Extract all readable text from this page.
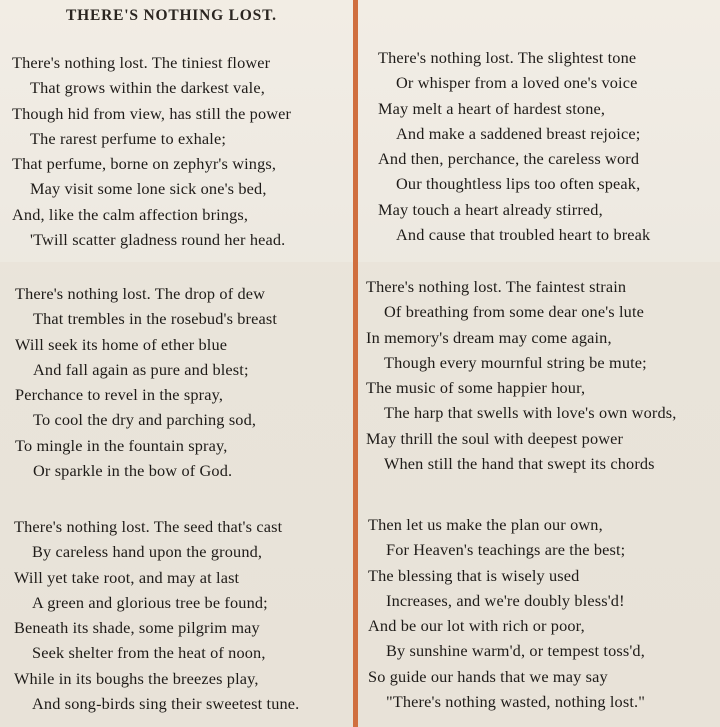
THERE'S NOTHING LOST.
There's nothing lost. The tiniest flower
That grows within the darkest vale,
Though hid from view, has still the power
The rarest perfume to exhale;
That perfume, borne on zephyr's wings,
May visit some lone sick one's bed,
And, like the calm affection brings,
'Twill scatter gladness round her head.
There's nothing lost. The drop of dew
That trembles in the rosebud's breast
Will seek its home of ether blue
And fall again as pure and blest;
Perchance to revel in the spray,
To cool the dry and parching sod,
To mingle in the fountain spray,
Or sparkle in the bow of God.
There's nothing lost. The seed that's cast
By careless hand upon the ground,
Will yet take root, and may at last
A green and glorious tree be found;
Beneath its shade, some pilgrim may
Seek shelter from the heat of noon,
While in its boughs the breezes play,
And song-birds sing their sweetest tune.
There's nothing lost. The slightest tone
Or whisper from a loved one's voice
May melt a heart of hardest stone,
And make a saddened breast rejoice;
And then, perchance, the careless word
Our thoughtless lips too often speak,
May touch a heart already stirred,
And cause that troubled heart to break
There's nothing lost. The faintest strain
Of breathing from some dear one's lute
In memory's dream may come again,
Though every mournful string be mute;
The music of some happier hour,
The harp that swells with love's own words,
May thrill the soul with deepest power
When still the hand that swept its chords
Then let us make the plan our own,
For Heaven's teachings are the best;
The blessing that is wisely used
Increases, and we're doubly bless'd!
And be our lot with rich or poor,
By sunshine warm'd, or tempest toss'd,
So guide our hands that we may say
"There's nothing wasted, nothing lost."
